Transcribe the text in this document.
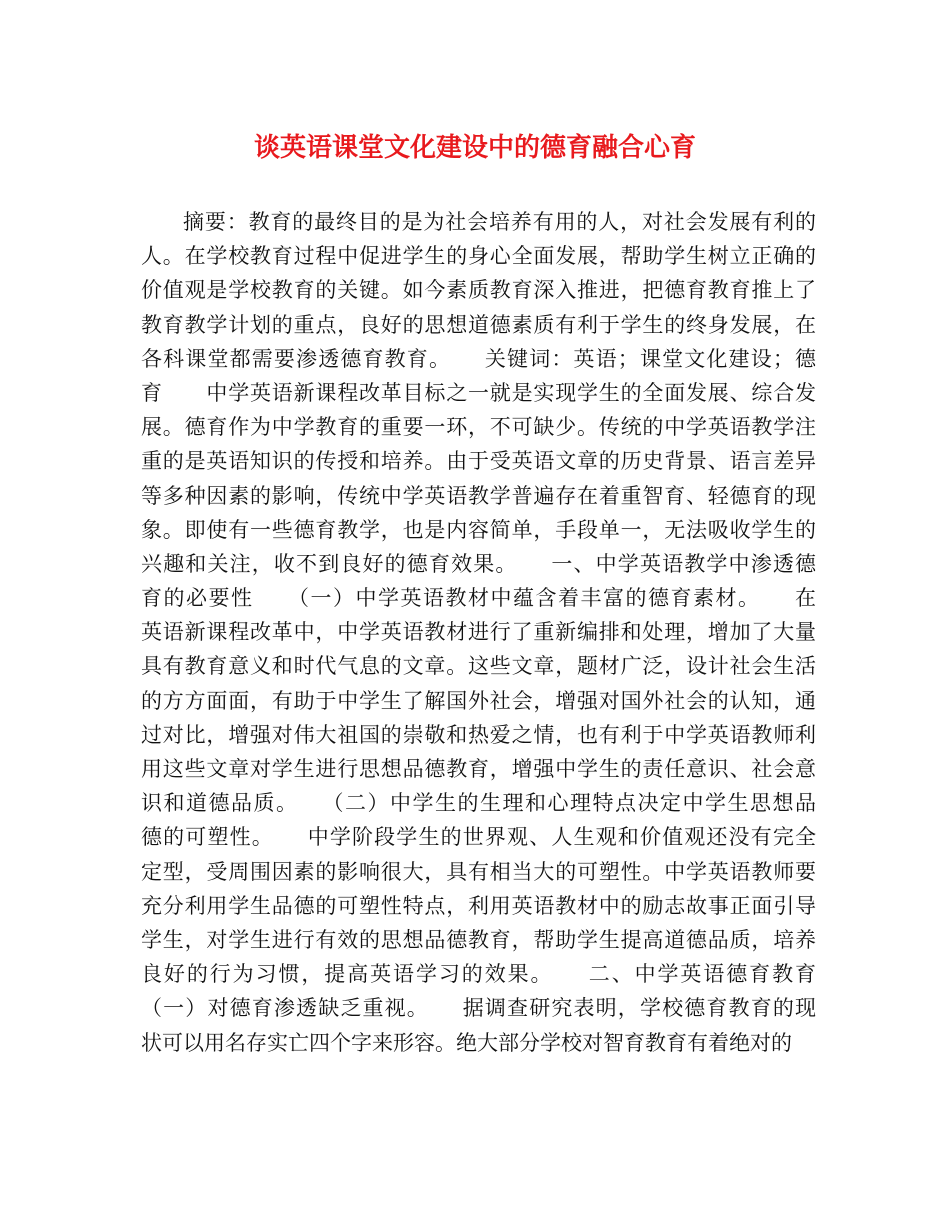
谈英语课堂文化建设中的德育融合心育
摘要：教育的最终目的是为社会培养有用的人，对社会发展有利的
人。在学校教育过程中促进学生的身心全面发展，帮助学生树立正确的
价值观是学校教育的关键。如今素质教育深入推进，把德育教育推上了
教育教学计划的重点，良好的思想道德素质有利于学生的终身发展，在
各科课堂都需要渗透德育教育。　　关键词：英语；课堂文化建设；德
育　　中学英语新课程改革目标之一就是实现学生的全面发展、综合发
展。德育作为中学教育的重要一环，不可缺少。传统的中学英语教学注
重的是英语知识的传授和培养。由于受英语文章的历史背景、语言差异
等多种因素的影响，传统中学英语教学普遍存在着重智育、轻德育的现
象。即使有一些德育教学，也是内容简单，手段单一，无法吸收学生的
兴趣和关注，收不到良好的德育效果。　　一、中学英语教学中渗透德
育的必要性　　（一）中学英语教材中蕴含着丰富的德育素材。　　在
英语新课程改革中，中学英语教材进行了重新编排和处理，增加了大量
具有教育意义和时代气息的文章。这些文章，题材广泛，设计社会生活
的方方面面，有助于中学生了解国外社会，增强对国外社会的认知，通
过对比，增强对伟大祖国的崇敬和热爱之情，也有利于中学英语教师利
用这些文章对学生进行思想品德教育，增强中学生的责任意识、社会意
识和道德品质。　　（二）中学生的生理和心理特点决定中学生思想品
德的可塑性。　　中学阶段学生的世界观、人生观和价值观还没有完全
定型，受周围因素的影响很大，具有相当大的可塑性。中学英语教师要
充分利用学生品德的可塑性特点，利用英语教材中的励志故事正面引导
学生，对学生进行有效的思想品德教育，帮助学生提高道德品质，培养
良好的行为习惯，提高英语学习的效果。　　二、中学英语德育教育
（一）对德育渗透缺乏重视。　　据调查研究表明，学校德育教育的现
状可以用名存实亡四个字来形容。绝大部分学校对智育教育有着绝对的
